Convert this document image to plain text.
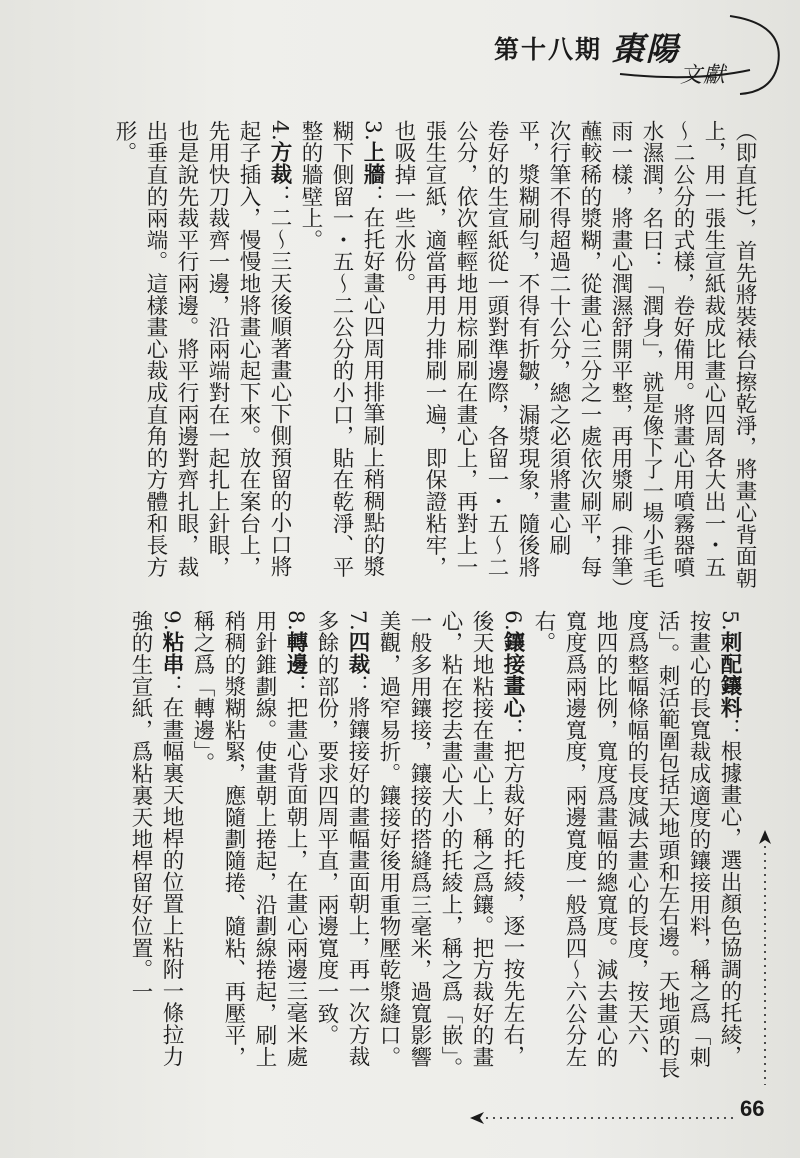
第十八期 棗陽
文獻

（即直托），首先將裝裱台擦乾淨，將畫心背面朝上，用一張生宣紙裁成比畫心四周各大出一・五～二公分的式樣，卷好備用。將畫心用噴霧器噴水濕潤，名曰：「潤身」，就是像下了一場小毛毛雨一樣，將畫心潤濕舒開平整，再用漿刷（排筆）蘸較稀的漿糊，從畫心三分之一處依次刷平，每次行筆不得超過二十公分，總之必須將畫心刷平，漿糊刷勻，不得有折皺，漏漿現象，隨後將卷好的生宣紙從一頭對準邊際，各留一・五～二公分，依次輕輕地用棕刷刷在畫心上，再對上一張生宣紙，適當再用力排刷一遍，即保證粘牢，也吸掉一些水份。

3.上牆：在托好畫心四周用排筆刷上稍稠點的漿糊下側留一・五～二公分的小口，貼在乾淨、平整的牆壁上。

4.方裁：二～三天後順著畫心下側預留的小口將起子插入，慢慢地將畫心起下來。放在案台上，先用快刀裁齊一邊，沿兩端對在一起扎上針眼，也是說先裁平行兩邊。將平行兩邊對齊扎眼，裁出垂直的兩端。這樣畫心裁成直角的方體和長方形。

5.刺配鑲料：根據畫心，選出顏色協調的托綾，按畫心的長寬裁成適度的鑲接用料，稱之爲「刺活」。刺活範圍包括天地頭和左右邊。天地頭的長度爲整幅條幅的長度減去畫心的長度，按天六、地四的比例，寬度爲畫幅的總寬度。減去畫心的寬度爲兩邊寬度，兩邊寬度一般爲四～六公分左右。

6.鑲接畫心：把方裁好的托綾，逐一按先左右，後天地粘接在畫心上，稱之爲鑲。把方裁好的畫心，粘在挖去畫心大小的托綾上，稱之爲「嵌」。一般多用鑲接，鑲接的搭縫爲三毫米，過寬影響美觀，過窄易折。鑲接好後用重物壓乾漿縫口。

7.四裁：將鑲接好的畫幅畫面朝上，再一次方裁多餘的部份，要求四周平直，兩邊寬度一致。

8.轉邊：把畫心背面朝上，在畫心兩邊三毫米處用針錐劃線。使畫朝上捲起，沿劃線捲起，刷上稍稠的漿糊粘緊，應隨劃隨捲、隨粘、再壓平，稱之爲「轉邊」。

9.粘串：在畫幅裏天地桿的位置上粘附一條拉力強的生宣紙，爲粘裏天地桿留好位置。一

66
